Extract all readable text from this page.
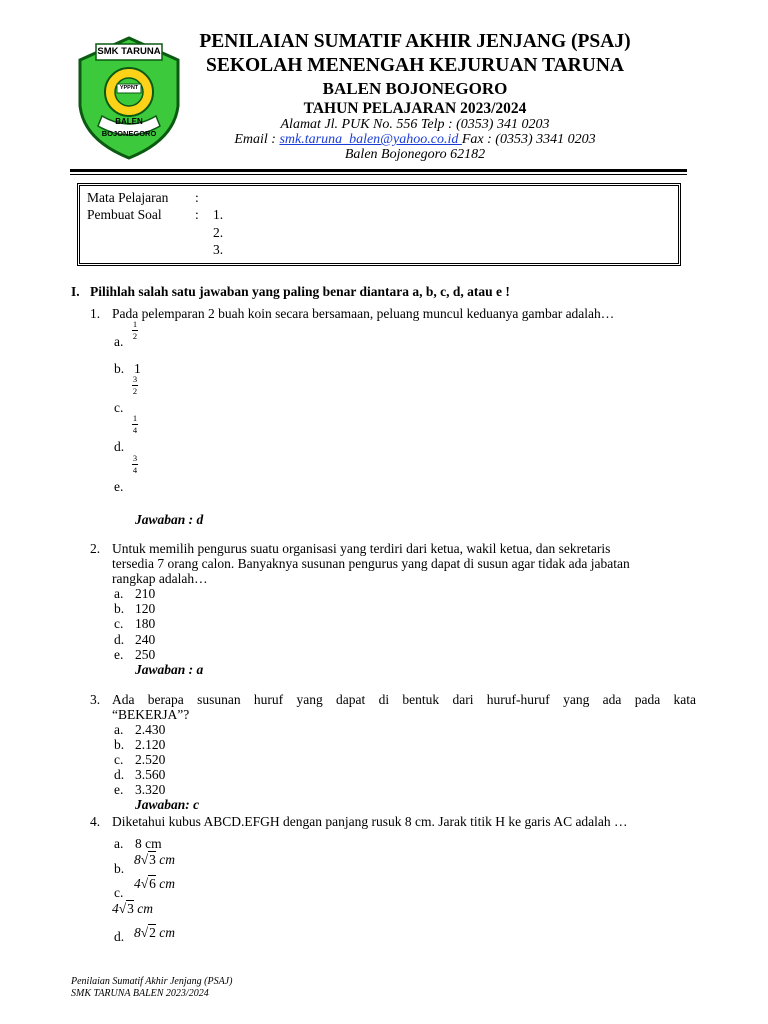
SMK TARUNA
YPPNT
BALEN
BOJONEGORO
PENILAIAN SUMATIF AKHIR JENJANG (PSAJ)
SEKOLAH MENENGAH KEJURUAN TARUNA
BALEN BOJONEGORO
TAHUN PELAJARAN 2023/2024
Alamat Jl. PUK No. 556 Telp : (0353) 341 0203
Email : smk.taruna_balen@yahoo.co.id Fax : (0353) 3341 0203
Balen Bojonegoro 62182
Mata Pelajaran :
Pembuat Soal : 1.
2.
3.
I. Pilihlah salah satu jawaban yang paling benar diantara a, b, c, d, atau e !
1. Pada pelemparan 2 buah koin secara bersamaan, peluang muncul keduanya gambar adalah…
a.
1
2
b. 1
3
2
c.
1
4
d.
3
4
e.
Jawaban : d
2. Untuk memilih pengurus suatu organisasi yang terdiri dari ketua, wakil ketua, dan sekretaris
tersedia 7 orang calon. Banyaknya susunan pengurus yang dapat di susun agar tidak ada jabatan
rangkap adalah…
a. 210
b. 120
c. 180
d. 240
e. 250
Jawaban : a
3. Ada berapa susunan huruf yang dapat di bentuk dari huruf-huruf yang ada pada kata
“BEKERJA”?
a. 2.430
b. 2.120
c. 2.520
d. 3.560
e. 3.320
Jawaban: c
4. Diketahui kubus ABCD.EFGH dengan panjang rusuk 8 cm. Jarak titik H ke garis AC adalah …
a. 8 cm
b.
8√3 cm
4√6 cm
c.
4√3 cm
d. 8√2 cm
Penilaian Sumatif Akhir Jenjang (PSAJ)
SMK TARUNA BALEN 2023/2024
